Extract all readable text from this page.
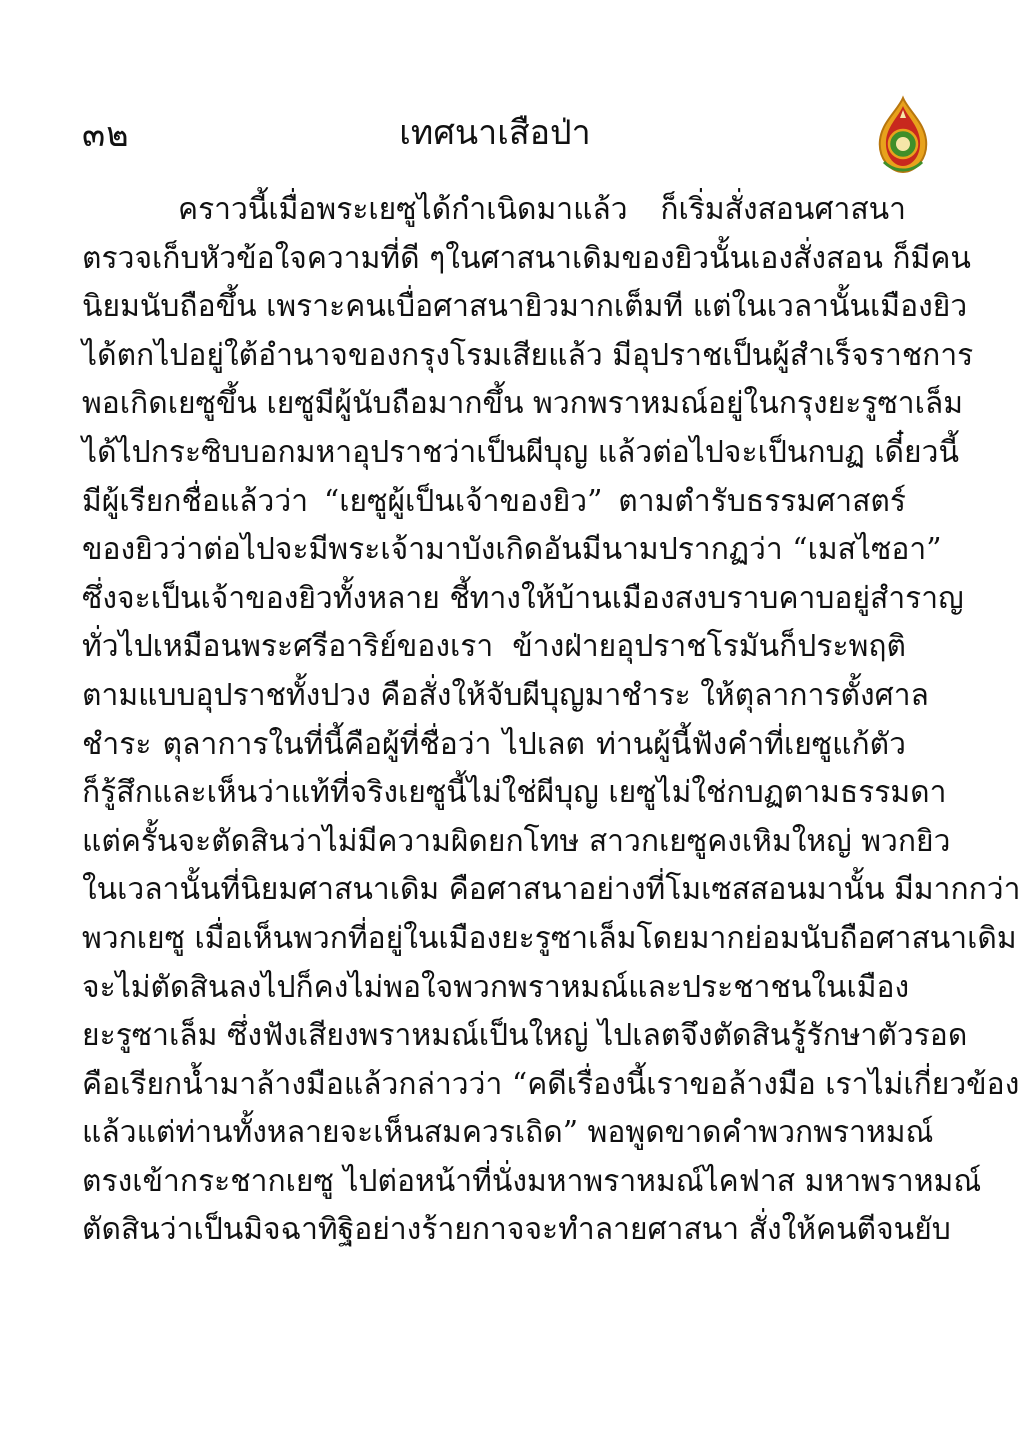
๓๒	เทศนาเสือป่า
คราวนี้เมื่อพระเยซูได้กำเนิดมาแล้ว ก็เริ่มสั่งสอนศาสนา
ตรวจเก็บหัวข้อใจความที่ดี ๆในศาสนาเดิมของยิวนั้นเองสั่งสอน ก็มีคน
นิยมนับถือขึ้น เพราะคนเบื่อศาสนายิวมากเต็มที แต่ในเวลานั้นเมืองยิว
ได้ตกไปอยู่ใต้อำนาจของกรุงโรมเสียแล้ว มีอุปราชเป็นผู้สำเร็จราชการ
พอเกิดเยซูขึ้น เยซูมีผู้นับถือมากขึ้น พวกพราหมณ์อยู่ในกรุงยะรูซาเล็ม
ได้ไปกระซิบบอกมหาอุปราชว่าเป็นผีบุญ แล้วต่อไปจะเป็นกบฏ เดี๋ยวนี้
มีผู้เรียกชื่อแล้วว่า “เยซูผู้เป็นเจ้าของยิว” ตามตำรับธรรมศาสตร์
ของยิวว่าต่อไปจะมีพระเจ้ามาบังเกิดอันมีนามปรากฏว่า “เมสไซอา”
ซึ่งจะเป็นเจ้าของยิวทั้งหลาย ชี้ทางให้บ้านเมืองสงบราบคาบอยู่สำราญ
ทั่วไปเหมือนพระศรีอาริย์ของเรา ข้างฝ่ายอุปราชโรมันก็ประพฤติ
ตามแบบอุปราชทั้งปวง คือสั่งให้จับผีบุญมาชำระ ให้ตุลาการตั้งศาล
ชำระ ตุลาการในที่นี้คือผู้ที่ชื่อว่า ไปเลต ท่านผู้นี้ฟังคำที่เยซูแก้ตัว
ก็รู้สึกและเห็นว่าแท้ที่จริงเยซูนี้ไม่ใช่ผีบุญ เยซูไม่ใช่กบฏตามธรรมดา
แต่ครั้นจะตัดสินว่าไม่มีความผิดยกโทษ สาวกเยซูคงเหิมใหญ่ พวกยิว
ในเวลานั้นที่นิยมศาสนาเดิม คือศาสนาอย่างที่โมเซสสอนมานั้น มีมากกว่า
พวกเยซู เมื่อเห็นพวกที่อยู่ในเมืองยะรูซาเล็มโดยมากย่อมนับถือศาสนาเดิม
จะไม่ตัดสินลงไปก็คงไม่พอใจพวกพราหมณ์และประชาชนในเมือง
ยะรูซาเล็ม ซึ่งฟังเสียงพราหมณ์เป็นใหญ่ ไปเลตจึงตัดสินรู้รักษาตัวรอด
คือเรียกน้ำมาล้างมือแล้วกล่าวว่า “คดีเรื่องนี้เราขอล้างมือ เราไม่เกี่ยวข้อง
แล้วแต่ท่านทั้งหลายจะเห็นสมควรเถิด” พอพูดขาดคำพวกพราหมณ์
ตรงเข้ากระชากเยซู ไปต่อหน้าที่นั่งมหาพราหมณ์ไคฟาส มหาพราหมณ์
ตัดสินว่าเป็นมิจฉาทิฐิอย่างร้ายกาจจะทำลายศาสนา สั่งให้คนตีจนยับ
